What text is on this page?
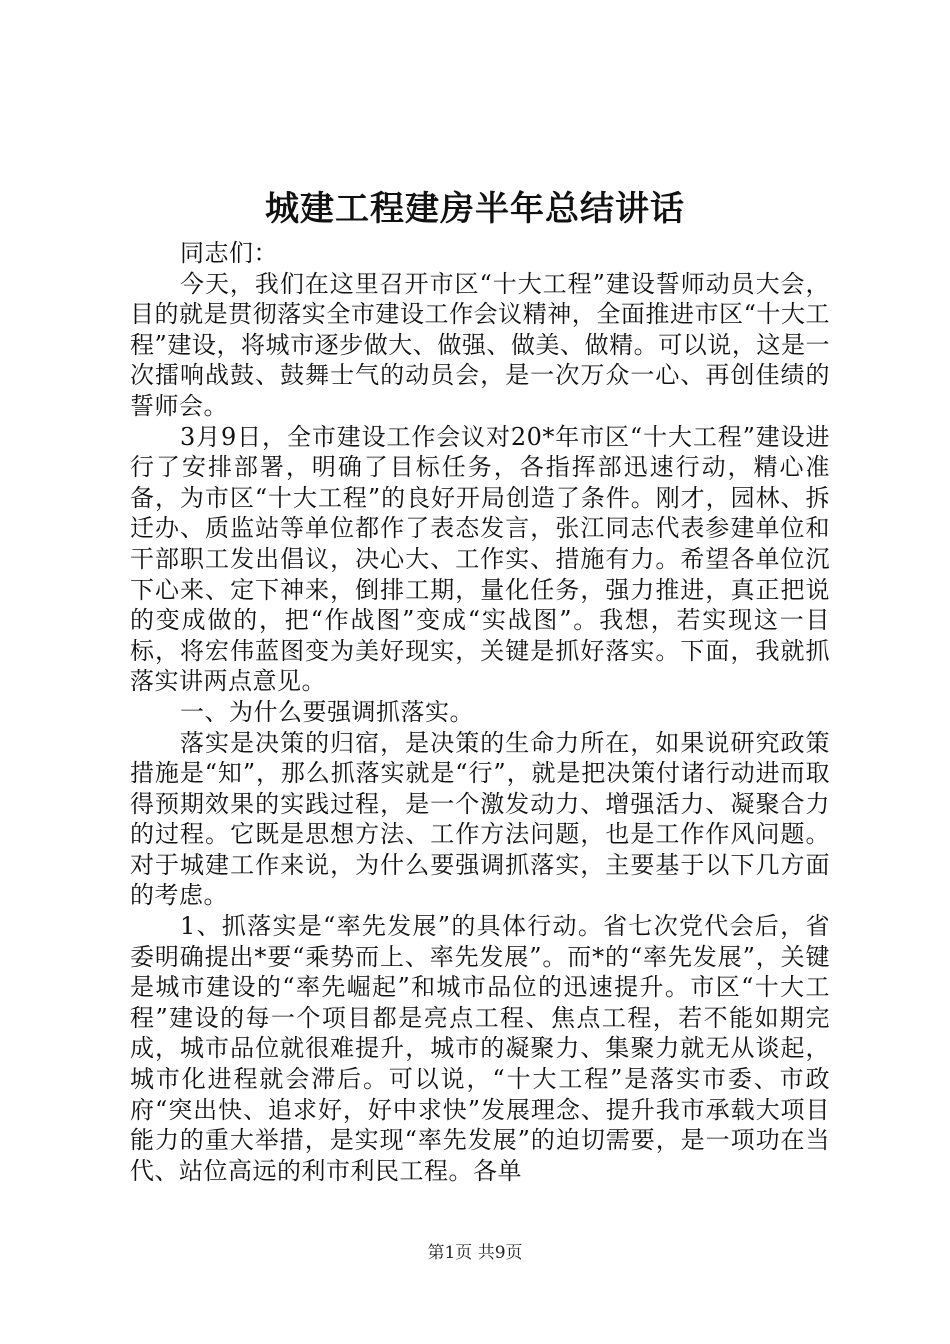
城建工程建房半年总结讲话

同志们：

今天，我们在这里召开市区“十大工程”建设誓师动员大会，目的就是贯彻落实全市建设工作会议精神，全面推进市区“十大工程”建设，将城市逐步做大、做强、做美、做精。可以说，这是一次擂响战鼓、鼓舞士气的动员会，是一次万众一心、再创佳绩的誓师会。

3月9日，全市建设工作会议对20*年市区“十大工程”建设进行了安排部署，明确了目标任务，各指挥部迅速行动，精心准备，为市区“十大工程”的良好开局创造了条件。刚才，园林、拆迁办、质监站等单位都作了表态发言，张江同志代表参建单位和干部职工发出倡议，决心大、工作实、措施有力。希望各单位沉下心来、定下神来，倒排工期，量化任务，强力推进，真正把说的变成做的，把“作战图”变成“实战图”。我想，若实现这一目标，将宏伟蓝图变为美好现实，关键是抓好落实。下面，我就抓落实讲两点意见。

一、为什么要强调抓落实。

落实是决策的归宿，是决策的生命力所在，如果说研究政策措施是“知”，那么抓落实就是“行”，就是把决策付诸行动进而取得预期效果的实践过程，是一个激发动力、增强活力、凝聚合力的过程。它既是思想方法、工作方法问题，也是工作作风问题。对于城建工作来说，为什么要强调抓落实，主要基于以下几方面的考虑。

1、抓落实是“率先发展”的具体行动。省七次党代会后，省委明确提出*要“乘势而上、率先发展”。而*的“率先发展”，关键是城市建设的“率先崛起”和城市品位的迅速提升。市区“十大工程”建设的每一个项目都是亮点工程、焦点工程，若不能如期完成，城市品位就很难提升，城市的凝聚力、集聚力就无从谈起，城市化进程就会滞后。可以说，“十大工程”是落实市委、市政府“突出快、追求好，好中求快”发展理念、提升我市承载大项目能力的重大举措，是实现“率先发展”的迫切需要，是一项功在当代、站位高远的利市利民工程。各单

第1页 共9页
